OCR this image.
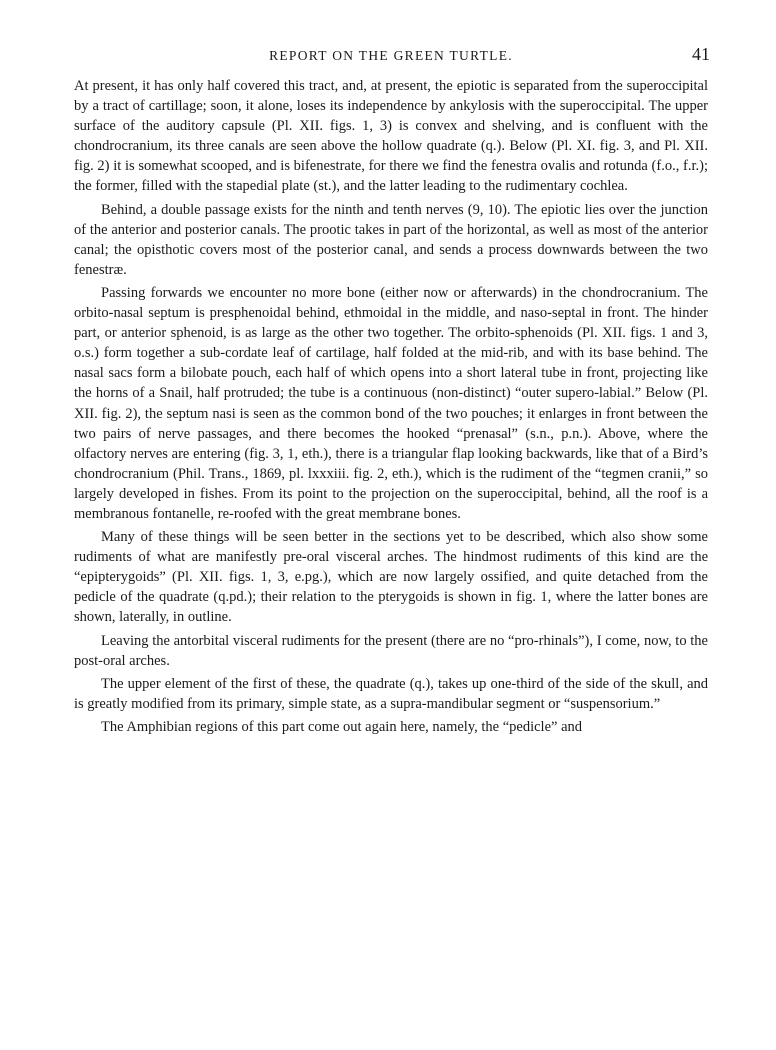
REPORT ON THE GREEN TURTLE.	41

At present, it has only half covered this tract, and, at present, the epiotic is separated from the superoccipital by a tract of cartillage; soon, it alone, loses its independence by ankylosis with the superoccipital. The upper surface of the auditory capsule (Pl. XII. figs. 1, 3) is convex and shelving, and is confluent with the chondrocranium, its three canals are seen above the hollow quadrate (q.). Below (Pl. XI. fig. 3, and Pl. XII. fig. 2) it is somewhat scooped, and is bifenestrate, for there we find the fenestra ovalis and rotunda (f.o., f.r.); the former, filled with the stapedial plate (st.), and the latter leading to the rudimentary cochlea.

Behind, a double passage exists for the ninth and tenth nerves (9, 10). The epiotic lies over the junction of the anterior and posterior canals. The prootic takes in part of the horizontal, as well as most of the anterior canal; the opisthotic covers most of the posterior canal, and sends a process downwards between the two fenestræ.

Passing forwards we encounter no more bone (either now or afterwards) in the chondrocranium. The orbito-nasal septum is presphenoidal behind, ethmoidal in the middle, and naso-septal in front. The hinder part, or anterior sphenoid, is as large as the other two together. The orbito-sphenoids (Pl. XII. figs. 1 and 3, o.s.) form together a sub-cordate leaf of cartilage, half folded at the mid-rib, and with its base behind. The nasal sacs form a bilobate pouch, each half of which opens into a short lateral tube in front, projecting like the horns of a Snail, half protruded; the tube is a continuous (non-distinct) “outer supero-labial.” Below (Pl. XII. fig. 2), the septum nasi is seen as the common bond of the two pouches; it enlarges in front between the two pairs of nerve passages, and there becomes the hooked “prenasal” (s.n., p.n.). Above, where the olfactory nerves are entering (fig. 3, 1, eth.), there is a triangular flap looking backwards, like that of a Bird’s chondrocranium (Phil. Trans., 1869, pl. lxxxiii. fig. 2, eth.), which is the rudiment of the “tegmen cranii,” so largely developed in fishes. From its point to the projection on the superoccipital, behind, all the roof is a membranous fontanelle, re-roofed with the great membrane bones.

Many of these things will be seen better in the sections yet to be described, which also show some rudiments of what are manifestly pre-oral visceral arches. The hindmost rudiments of this kind are the “epipterygoids” (Pl. XII. figs. 1, 3, e.pg.), which are now largely ossified, and quite detached from the pedicle of the quadrate (q.pd.); their relation to the pterygoids is shown in fig. 1, where the latter bones are shown, laterally, in outline.

Leaving the antorbital visceral rudiments for the present (there are no “pro-rhinals”), I come, now, to the post-oral arches.

The upper element of the first of these, the quadrate (q.), takes up one-third of the side of the skull, and is greatly modified from its primary, simple state, as a supra-mandibular segment or “suspensorium.”

The Amphibian regions of this part come out again here, namely, the “pedicle” and
